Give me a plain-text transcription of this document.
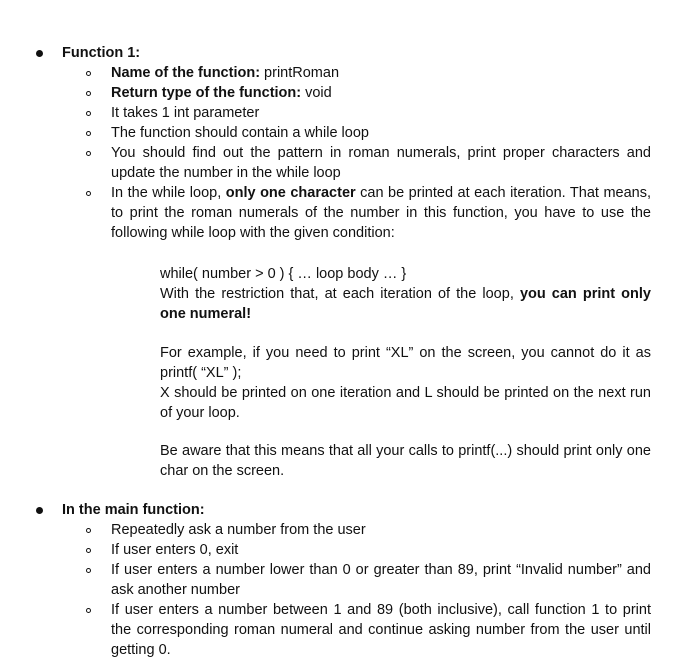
Function 1:
Name of the function: printRoman
Return type of the function: void
It takes 1 int parameter
The function should contain a while loop
You should find out the pattern in roman numerals, print proper characters and update the number in the while loop
In the while loop, only one character can be printed at each iteration. That means, to print the roman numerals of the number in this function, you have to use the following while loop with the given condition:
while( number > 0 ) { … loop body … }
With the restriction that, at each iteration of the loop, you can print only one numeral!
For example, if you need to print “XL” on the screen, you cannot do it as printf( “XL” );
X should be printed on one iteration and L should be printed on the next run of your loop.
Be aware that this means that all your calls to printf(...) should print only one char on the screen.
In the main function:
Repeatedly ask a number from the user
If user enters 0, exit
If user enters a number lower than 0 or greater than 89, print “Invalid number” and ask another number
If user enters a number between 1 and 89 (both inclusive), call function 1 to print the corresponding roman numeral and continue asking number from the user until getting 0.
